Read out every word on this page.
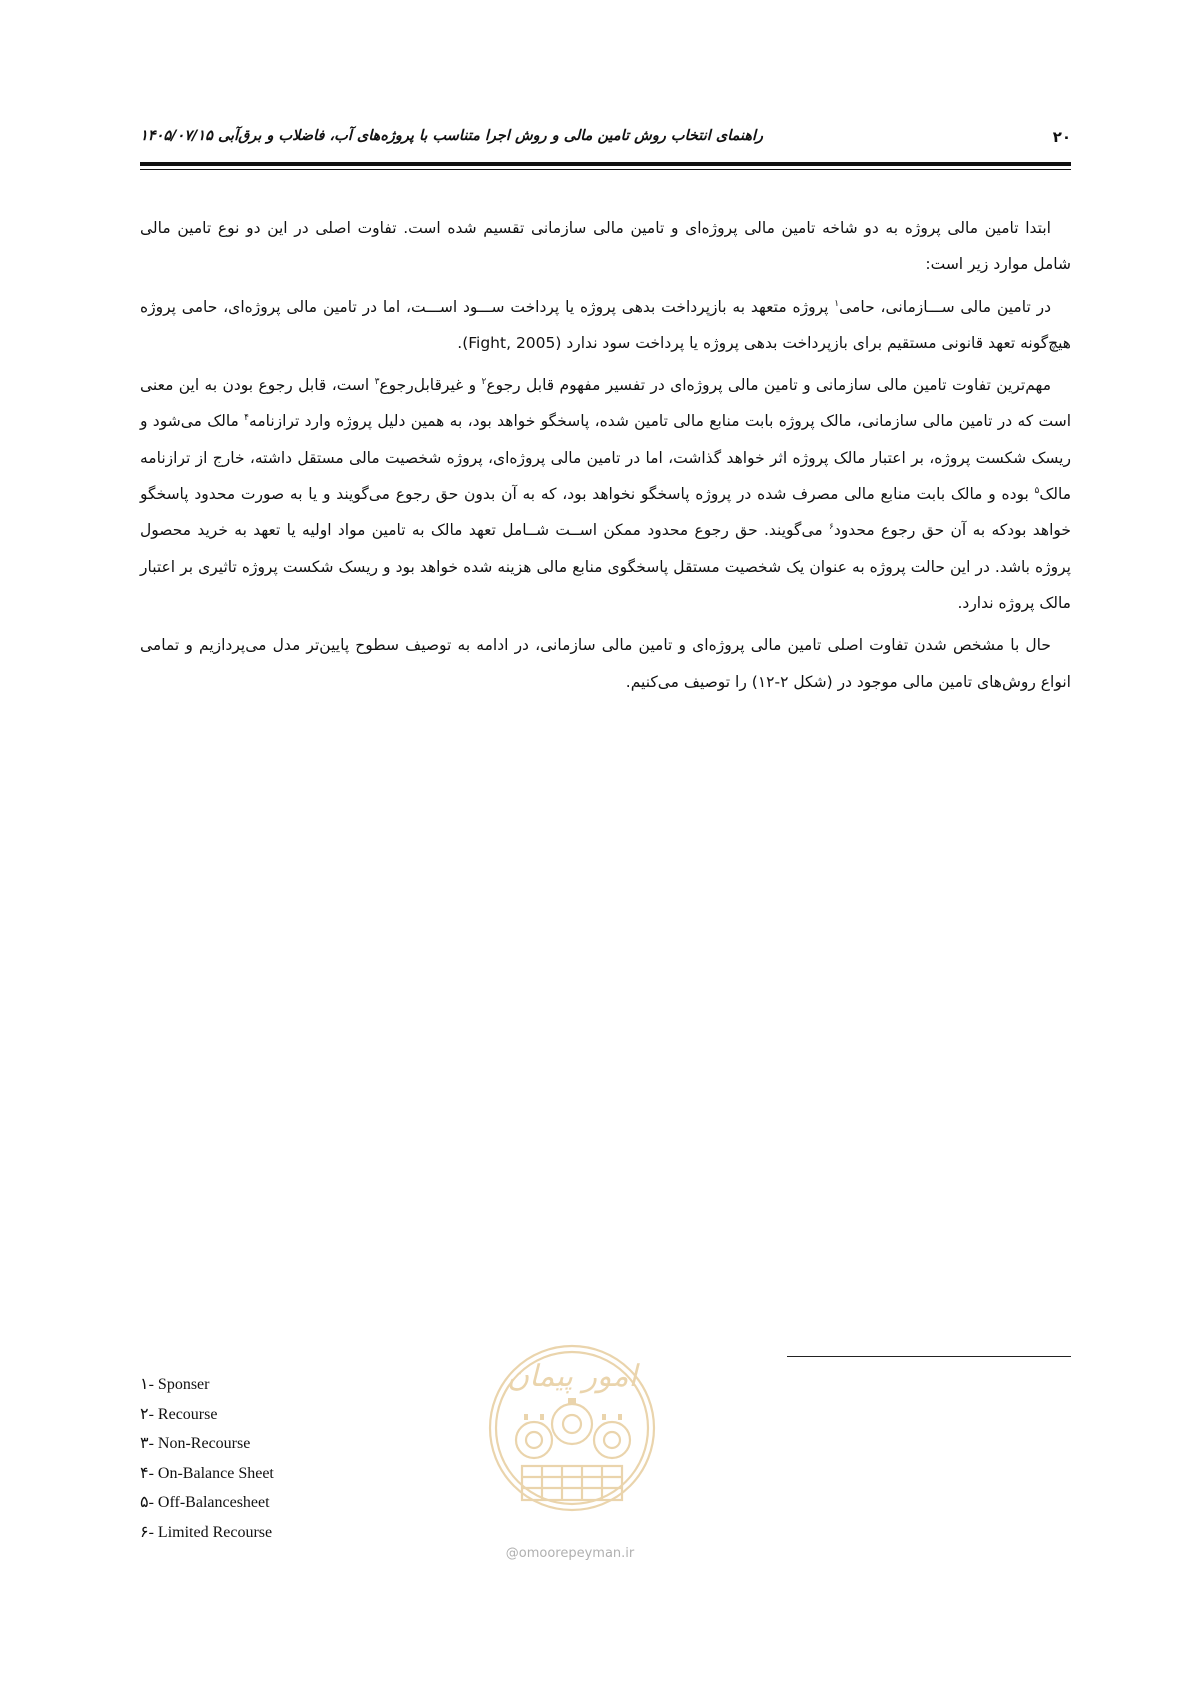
۲۰
راهنمای انتخاب روش تامین مالی و روش اجرا متناسب با پروژه‌های آب، فاضلاب و برق‌آبی ۱۴۰۵/۰۷/۱۵

ابتدا تامین مالی پروژه به دو شاخه تامین مالی پروژه‌ای و تامین مالی سازمانی تقسیم شده است. تفاوت اصلی در این دو نوع تامین مالی شامل موارد زیر است:

در تامین مالی ســـازمانی، حامی$^۱$ پروژه متعهد به بازپرداخت بدهی پروژه یا پرداخت ســـود اســـت، اما در تامین مالی پروژه‌ای، حامی پروژه هیچ‌گونه تعهد قانونی مستقیم برای بازپرداخت بدهی پروژه یا پرداخت سود ندارد (Fight, 2005).

مهم‌ترین تفاوت تامین مالی سازمانی و تامین مالی پروژه‌ای در تفسیر مفهوم قابل رجوع$^۲$ و غیرقابل‌رجوع$^۳$ است، قابل رجوع بودن به این معنی است که در تامین مالی سازمانی، مالک پروژه بابت منابع مالی تامین شده، پاسخگو خواهد بود، به همین دلیل پروژه وارد ترازنامه$^۴$ مالک می‌شود و ریسک شکست پروژه، بر اعتبار مالک پروژه اثر خواهد گذاشت، اما در تامین مالی پروژه‌ای، پروژه شخصیت مالی مستقل داشته، خارج از ترازنامه مالک$^۵$ بوده و مالک بابت منابع مالی مصرف شده در پروژه پاسخگو نخواهد بود، که به آن بدون حق رجوع می‌گویند و یا به صورت محدود پاسخگو خواهد بودکه به آن حق رجوع محدود$^۶$ می‌گویند. حق رجوع محدود ممکن اســت شــامل تعهد مالک به تامین مواد اولیه یا تعهد به خرید محصول پروژه باشد. در این حالت پروژه به عنوان یک شخصیت مستقل پاسخگوی منابع مالی هزینه شده خواهد بود و ریسک شکست پروژه تاثیری بر اعتبار مالک پروژه ندارد.

حال با مشخص شدن تفاوت اصلی تامین مالی پروژه‌ای و تامین مالی سازمانی، در ادامه به توصیف سطوح پایین‌تر مدل می‌پردازیم و تمامی انواع روش‌های تامین مالی موجود در (شکل ۲-۱۲) را توصیف می‌کنیم.

۱- Sponser
۲- Recourse
۳- Non-Recourse
۴- On-Balance Sheet
۵- Off-Balancesheet
۶- Limited Recourse
امور پیمان
@omoorepeyman.ir
